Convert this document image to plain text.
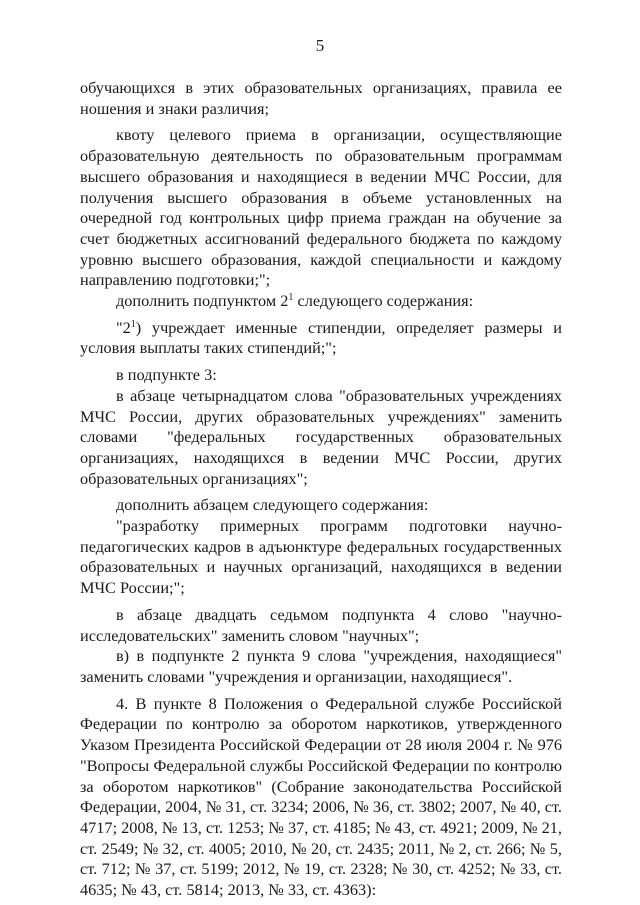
5

обучающихся в этих образовательных организациях, правила ее ношения и знаки различия;

квоту целевого приема в организации, осуществляющие образовательную деятельность по образовательным программам высшего образования и находящиеся в ведении МЧС России, для получения высшего образования в объеме установленных на очередной год контрольных цифр приема граждан на обучение за счет бюджетных ассигнований федерального бюджета по каждому уровню высшего образования, каждой специальности и каждому направлению подготовки;";

дополнить подпунктом $2^1$ следующего содержания:

"$2^1$) учреждает именные стипендии, определяет размеры и условия выплаты таких стипендий;";

в подпункте 3:

в абзаце четырнадцатом слова "образовательных учреждениях МЧС России, других образовательных учреждениях" заменить словами "федеральных государственных образовательных организациях, находящихся в ведении МЧС России, других образовательных организациях";

дополнить абзацем следующего содержания:

"разработку примерных программ подготовки научно-педагогических кадров в адъюнктуре федеральных государственных образовательных и научных организаций, находящихся в ведении МЧС России;";

в абзаце двадцать седьмом подпункта 4 слово "научно-исследовательских" заменить словом "научных";

в) в подпункте 2 пункта 9 слова "учреждения, находящиеся" заменить словами "учреждения и организации, находящиеся".

4. В пункте 8 Положения о Федеральной службе Российской Федерации по контролю за оборотом наркотиков, утвержденного Указом Президента Российской Федерации от 28 июля 2004 г. № 976 "Вопросы Федеральной службы Российской Федерации по контролю за оборотом наркотиков" (Собрание законодательства Российской Федерации, 2004, № 31, ст. 3234; 2006, № 36, ст. 3802; 2007, № 40, ст. 4717; 2008, № 13, ст. 1253; № 37, ст. 4185; № 43, ст. 4921; 2009, № 21, ст. 2549; № 32, ст. 4005; 2010, № 20, ст. 2435; 2011, № 2, ст. 266; № 5, ст. 712; № 37, ст. 5199; 2012, № 19, ст. 2328; № 30, ст. 4252; № 33, ст. 4635; № 43, ст. 5814; 2013, № 33, ст. 4363):
